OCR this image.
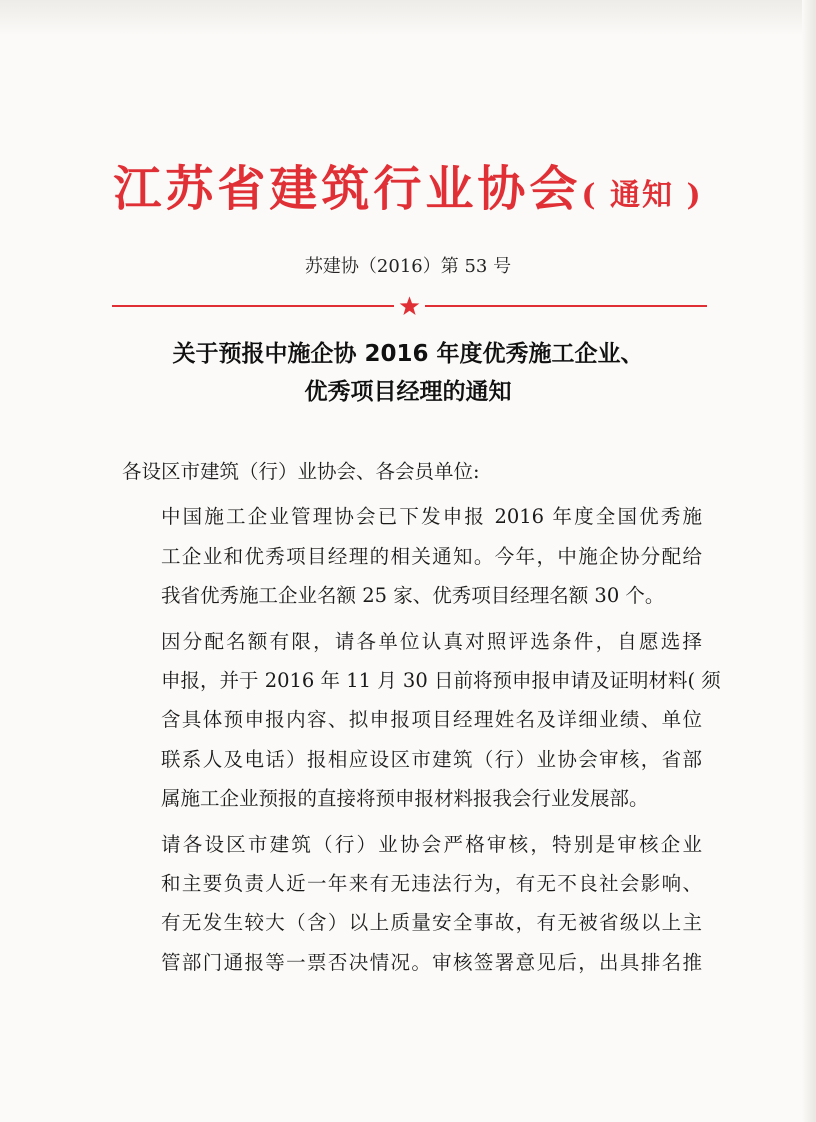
江苏省建筑行业协会( 通知 )
苏建协（2016）第 53 号
关于预报中施企协 2016 年度优秀施工企业、
优秀项目经理的通知

各设区市建筑（行）业协会、各会员单位:

中国施工企业管理协会已下发申报 2016 年度全国优秀施
工企业和优秀项目经理的相关通知。今年，中施企协分配给
我省优秀施工企业名额 25 家、优秀项目经理名额 30 个。

因分配名额有限，请各单位认真对照评选条件，自愿选择
申报，并于 2016 年 11 月 30 日前将预申报申请及证明材料( 须
含具体预申报内容、拟申报项目经理姓名及详细业绩、单位
联系人及电话）报相应设区市建筑（行）业协会审核，省部
属施工企业预报的直接将预申报材料报我会行业发展部。

请各设区市建筑（行）业协会严格审核，特别是审核企业
和主要负责人近一年来有无违法行为，有无不良社会影响、
有无发生较大（含）以上质量安全事故，有无被省级以上主
管部门通报等一票否决情况。审核签署意见后，出具排名推
